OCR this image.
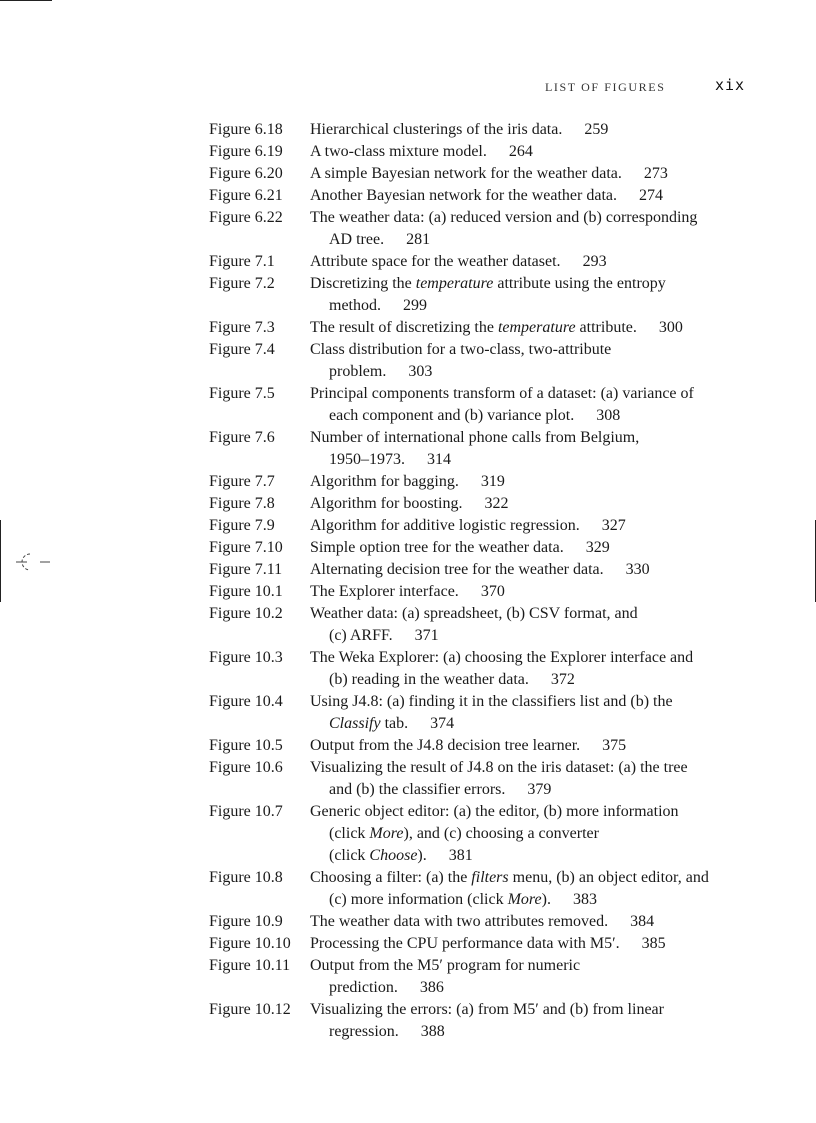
LIST OF FIGURES	xix
Figure 6.18	Hierarchical clusterings of the iris data. 259
Figure 6.19	A two-class mixture model. 264
Figure 6.20	A simple Bayesian network for the weather data. 273
Figure 6.21	Another Bayesian network for the weather data. 274
Figure 6.22	The weather data: (a) reduced version and (b) corresponding
AD tree. 281
Figure 7.1	Attribute space for the weather dataset. 293
Figure 7.2	Discretizing the temperature attribute using the entropy
method. 299
Figure 7.3	The result of discretizing the temperature attribute. 300
Figure 7.4	Class distribution for a two-class, two-attribute
problem. 303
Figure 7.5	Principal components transform of a dataset: (a) variance of
each component and (b) variance plot. 308
Figure 7.6	Number of international phone calls from Belgium,
1950–1973. 314
Figure 7.7	Algorithm for bagging. 319
Figure 7.8	Algorithm for boosting. 322
Figure 7.9	Algorithm for additive logistic regression. 327
Figure 7.10	Simple option tree for the weather data. 329
Figure 7.11	Alternating decision tree for the weather data. 330
Figure 10.1	The Explorer interface. 370
Figure 10.2	Weather data: (a) spreadsheet, (b) CSV format, and
(c) ARFF. 371
Figure 10.3	The Weka Explorer: (a) choosing the Explorer interface and
(b) reading in the weather data. 372
Figure 10.4	Using J4.8: (a) finding it in the classifiers list and (b) the
Classify tab. 374
Figure 10.5	Output from the J4.8 decision tree learner. 375
Figure 10.6	Visualizing the result of J4.8 on the iris dataset: (a) the tree
and (b) the classifier errors. 379
Figure 10.7	Generic object editor: (a) the editor, (b) more information
(click More), and (c) choosing a converter
(click Choose). 381
Figure 10.8	Choosing a filter: (a) the filters menu, (b) an object editor, and
(c) more information (click More). 383
Figure 10.9	The weather data with two attributes removed. 384
Figure 10.10	Processing the CPU performance data with M5′. 385
Figure 10.11	Output from the M5′ program for numeric
prediction. 386
Figure 10.12	Visualizing the errors: (a) from M5′ and (b) from linear
regression. 388
